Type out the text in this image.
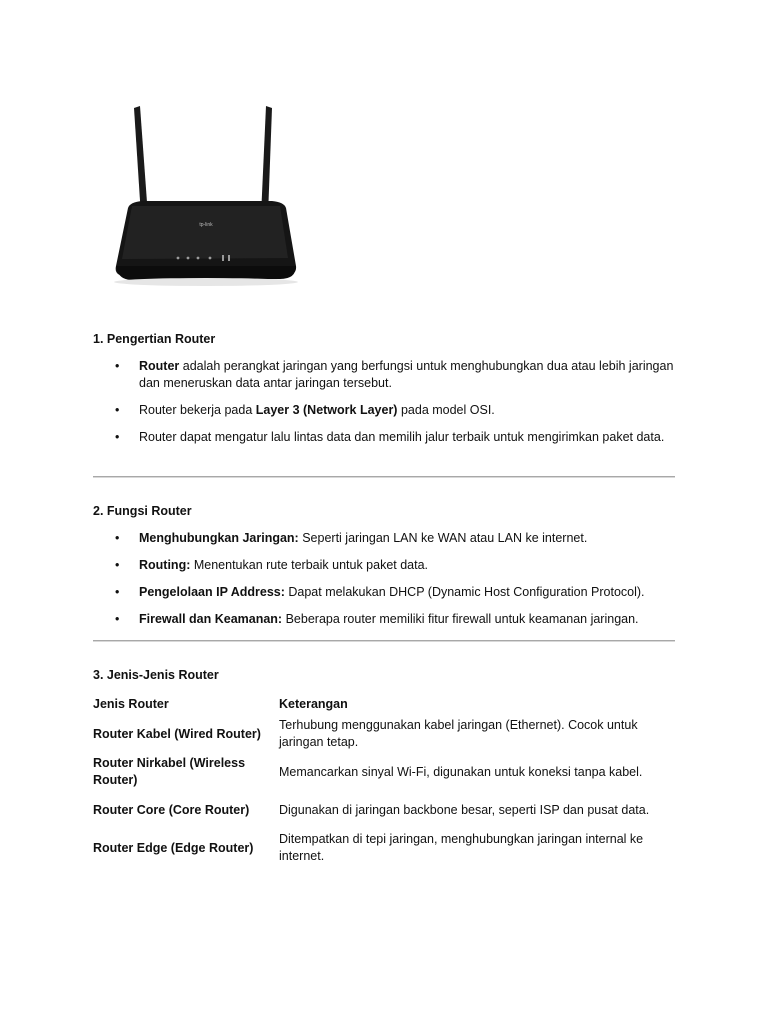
tp-link
1. Pengertian Router
• Router adalah perangkat jaringan yang berfungsi untuk menghubungkan dua atau lebih jaringan dan meneruskan data antar jaringan tersebut.
• Router bekerja pada Layer 3 (Network Layer) pada model OSI.
• Router dapat mengatur lalu lintas data dan memilih jalur terbaik untuk mengirimkan paket data.
2. Fungsi Router
• Menghubungkan Jaringan: Seperti jaringan LAN ke WAN atau LAN ke internet.
• Routing: Menentukan rute terbaik untuk paket data.
• Pengelolaan IP Address: Dapat melakukan DHCP (Dynamic Host Configuration Protocol).
• Firewall dan Keamanan: Beberapa router memiliki fitur firewall untuk keamanan jaringan.
3. Jenis-Jenis Router
Jenis Router	Keterangan
Router Kabel (Wired Router)	Terhubung menggunakan kabel jaringan (Ethernet). Cocok untuk jaringan tetap.
Router Nirkabel (Wireless Router)	Memancarkan sinyal Wi-Fi, digunakan untuk koneksi tanpa kabel.
Router Core (Core Router)	Digunakan di jaringan backbone besar, seperti ISP dan pusat data.
Router Edge (Edge Router)	Ditempatkan di tepi jaringan, menghubungkan jaringan internal ke internet.
